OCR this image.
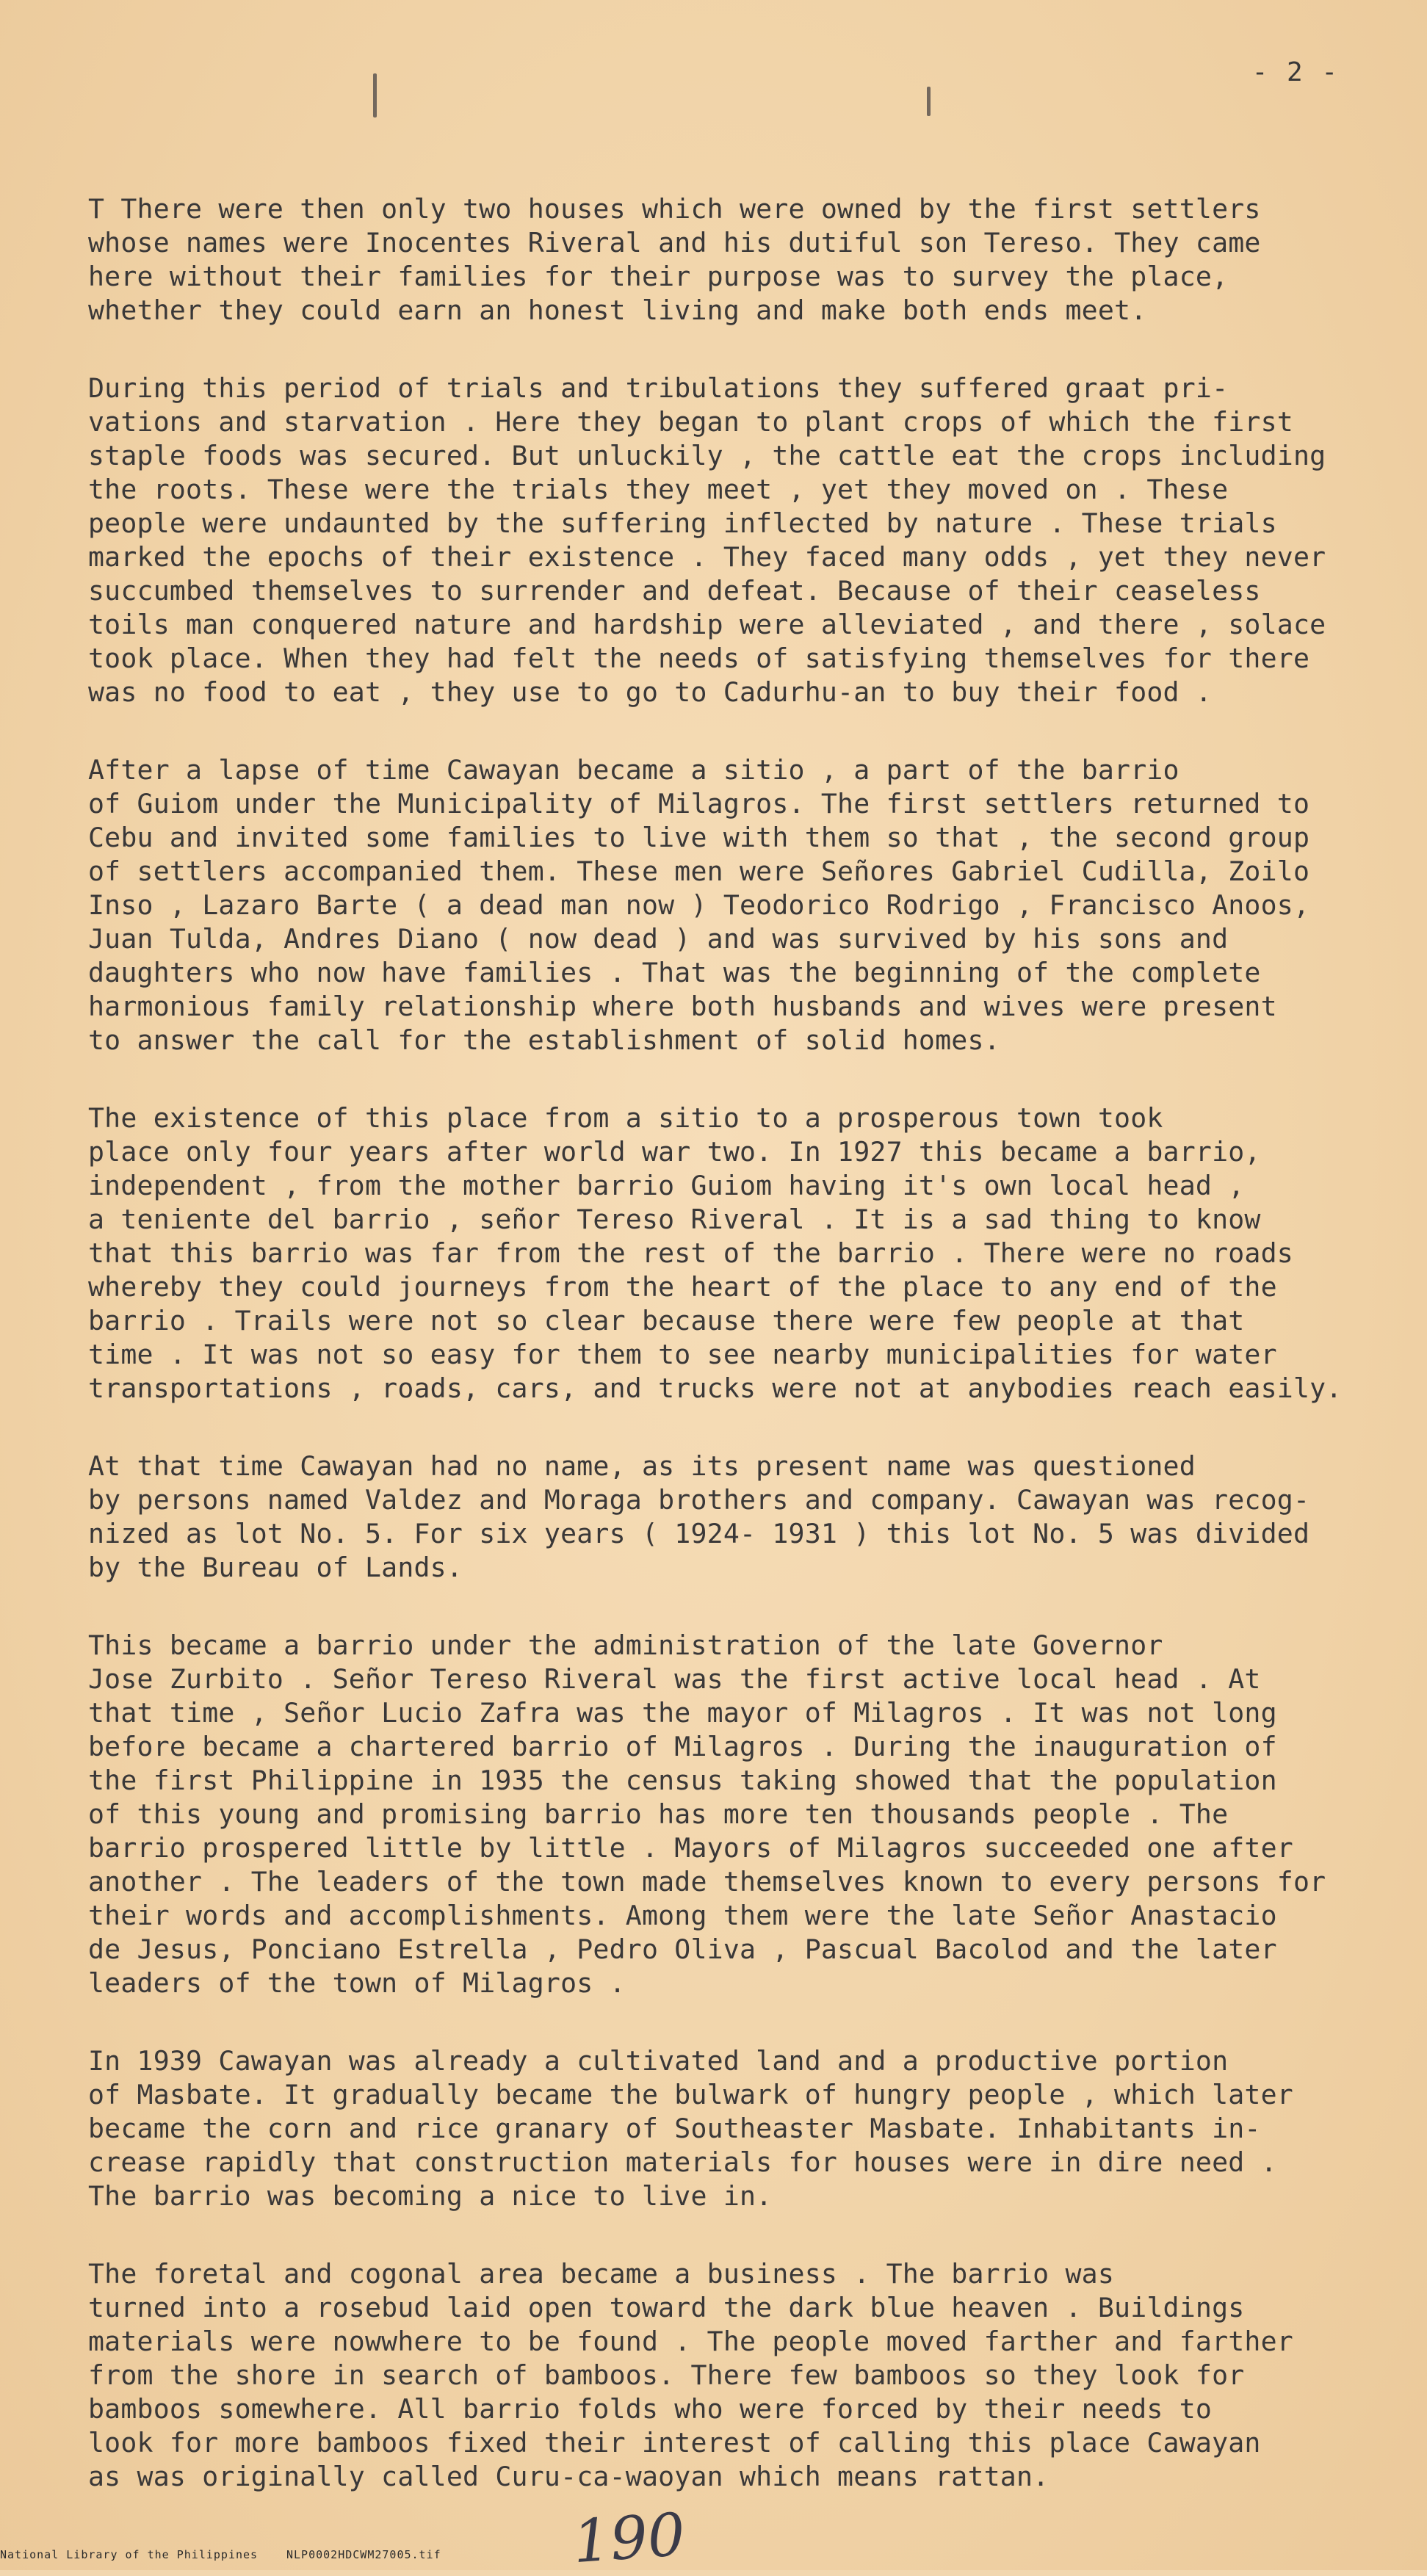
- 2 -

T There were then only two houses which were owned by the first settlers
whose names were Inocentes Riveral and his dutiful son Tereso. They came
here without their families for their purpose was to survey the place,
whether they could earn an honest living and make both ends meet.

During this period of trials and tribulations they suffered graat pri-
vations and starvation . Here they began to plant crops of which the first
staple foods was secured. But unluckily , the cattle eat the crops including
the roots. These were the trials they meet , yet they moved on . These
people were undaunted by the suffering inflected by nature . These trials
marked the epochs of their existence . They faced many odds , yet they never
succumbed themselves to surrender and defeat. Because of their ceaseless
toils man conquered nature and hardship were alleviated , and there , solace
took place. When they had felt the needs of satisfying themselves for there
was no food to eat , they use to go to Cadurhu-an to buy their food .

After a lapse of time Cawayan became a sitio , a part of the barrio
of Guiom under the Municipality of Milagros. The first settlers returned to
Cebu and invited some families to live with them so that , the second group
of settlers accompanied them. These men were Señores Gabriel Cudilla, Zoilo
Inso , Lazaro Barte ( a dead man now ) Teodorico Rodrigo , Francisco Anoos,
Juan Tulda, Andres Diano ( now dead ) and was survived by his sons and
daughters who now have families . That was the beginning of the complete
harmonious family relationship where both husbands and wives were present
to answer the call for the establishment of solid homes.

The existence of this place from a sitio to a prosperous town took
place only four years after world war two. In 1927 this became a barrio,
independent , from the mother barrio Guiom having it's own local head ,
a teniente del barrio , señor Tereso Riveral . It is a sad thing to know
that this barrio was far from the rest of the barrio . There were no roads
whereby they could journeys from the heart of the place to any end of the
barrio . Trails were not so clear because there were few people at that
time . It was not so easy for them to see nearby municipalities for water
transportations , roads, cars, and trucks were not at anybodies reach easily.

At that time Cawayan had no name, as its present name was questioned
by persons named Valdez and Moraga brothers and company. Cawayan was recog-
nized as lot No. 5. For six years ( 1924- 1931 ) this lot No. 5 was divided
by the Bureau of Lands.

This became a barrio under the administration of the late Governor
Jose Zurbito . Señor Tereso Riveral was the first active local head . At
that time , Señor Lucio Zafra was the mayor of Milagros . It was not long
before became a chartered barrio of Milagros . During the inauguration of
the first Philippine in 1935 the census taking showed that the population
of this young and promising barrio has more ten thousands people . The
barrio prospered little by little . Mayors of Milagros succeeded one after
another . The leaders of the town made themselves known to every persons for
their words and accomplishments. Among them were the late Señor Anastacio
de Jesus, Ponciano Estrella , Pedro Oliva , Pascual Bacolod and the later
leaders of the town of Milagros .

In 1939 Cawayan was already a cultivated land and a productive portion
of Masbate. It gradually became the bulwark of hungry people , which later
became the corn and rice granary of Southeaster Masbate. Inhabitants in-
crease rapidly that construction materials for houses were in dire need .
The barrio was becoming a nice to live in.

The foretal and cogonal area became a business . The barrio was
turned into a rosebud laid open toward the dark blue heaven . Buildings
materials were nowwhere to be found . The people moved farther and farther
from the shore in search of bamboos. There few bamboos so they look for
bamboos somewhere. All barrio folds who were forced by their needs to
look for more bamboos fixed their interest of calling this place Cawayan
as was originally called Curu-ca-waoyan which means rattan.

190
National Library of the Philippines	NLP0002HDCWM27005.tif
